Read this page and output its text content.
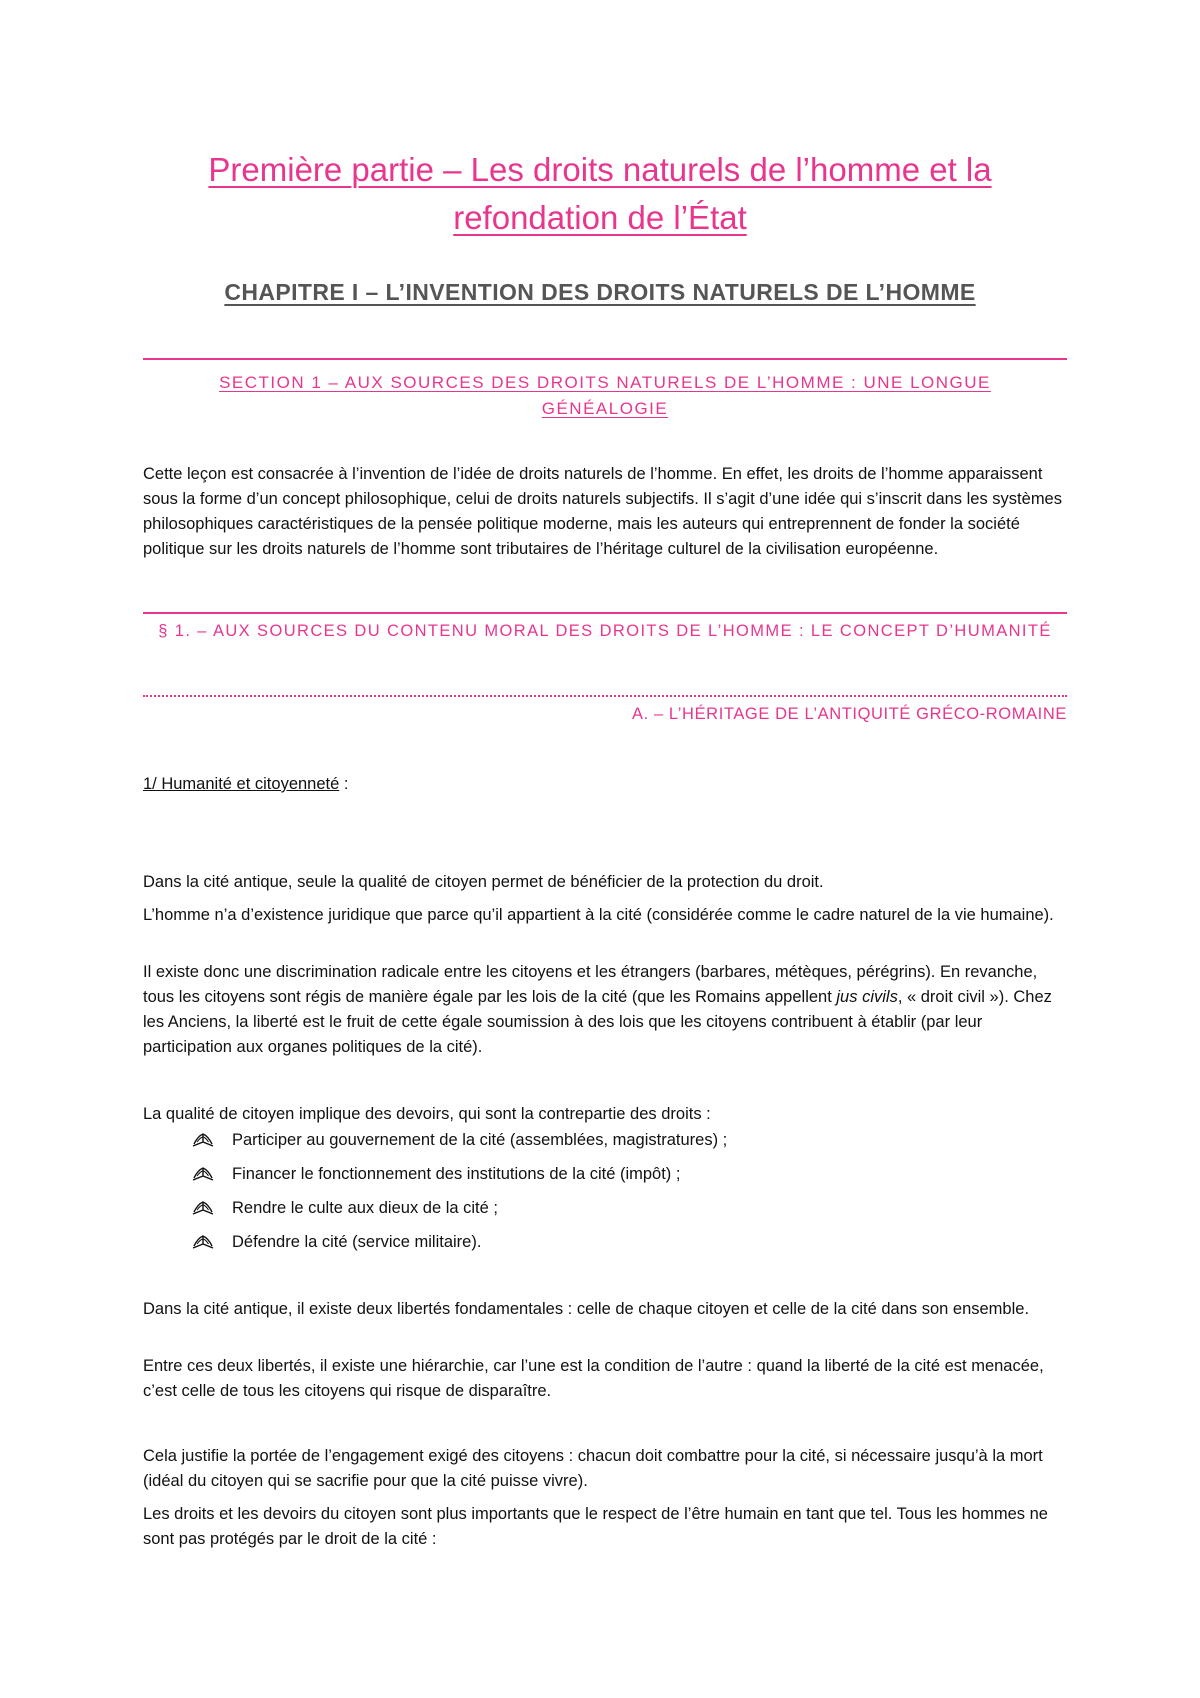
Première partie – Les droits naturels de l’homme et la
refondation de l’État
CHAPITRE I – L’INVENTION DES DROITS NATURELS DE L’HOMME
SECTION 1 – AUX SOURCES DES DROITS NATURELS DE L’HOMME : UNE LONGUE
GÉNÉALOGIE

Cette leçon est consacrée à l’invention de l’idée de droits naturels de l’homme. En effet, les droits de l’homme apparaissent sous la forme d’un concept philosophique, celui de droits naturels subjectifs. Il s’agit d’une idée qui s’inscrit dans les systèmes philosophiques caractéristiques de la pensée politique moderne, mais les auteurs qui entreprennent de fonder la société politique sur les droits naturels de l’homme sont tributaires de l’héritage culturel de la civilisation européenne.

§ 1. – AUX SOURCES DU CONTENU MORAL DES DROITS DE L’HOMME : LE CONCEPT D’HUMANITÉ
A. – L’HÉRITAGE DE L’ANTIQUITÉ GRÉCO-ROMAINE

1/ Humanité et citoyenneté :

Dans la cité antique, seule la qualité de citoyen permet de bénéficier de la protection du droit.

L’homme n’a d’existence juridique que parce qu’il appartient à la cité (considérée comme le cadre naturel de la vie humaine).

Il existe donc une discrimination radicale entre les citoyens et les étrangers (barbares, métèques, pérégrins). En revanche, tous les citoyens sont régis de manière égale par les lois de la cité (que les Romains appellent jus civils, « droit civil »). Chez les Anciens, la liberté est le fruit de cette égale soumission à des lois que les citoyens contribuent à établir (par leur participation aux organes politiques de la cité).

La qualité de citoyen implique des devoirs, qui sont la contrepartie des droits :

Participer au gouvernement de la cité (assemblées, magistratures) ;
Financer le fonctionnement des institutions de la cité (impôt) ;
Rendre le culte aux dieux de la cité ;
Défendre la cité (service militaire).

Dans la cité antique, il existe deux libertés fondamentales : celle de chaque citoyen et celle de la cité dans son ensemble.

Entre ces deux libertés, il existe une hiérarchie, car l’une est la condition de l’autre : quand la liberté de la cité est menacée, c’est celle de tous les citoyens qui risque de disparaître.

Cela justifie la portée de l’engagement exigé des citoyens : chacun doit combattre pour la cité, si nécessaire jusqu’à la mort (idéal du citoyen qui se sacrifie pour que la cité puisse vivre).

Les droits et les devoirs du citoyen sont plus importants que le respect de l’être humain en tant que tel. Tous les hommes ne sont pas protégés par le droit de la cité :
